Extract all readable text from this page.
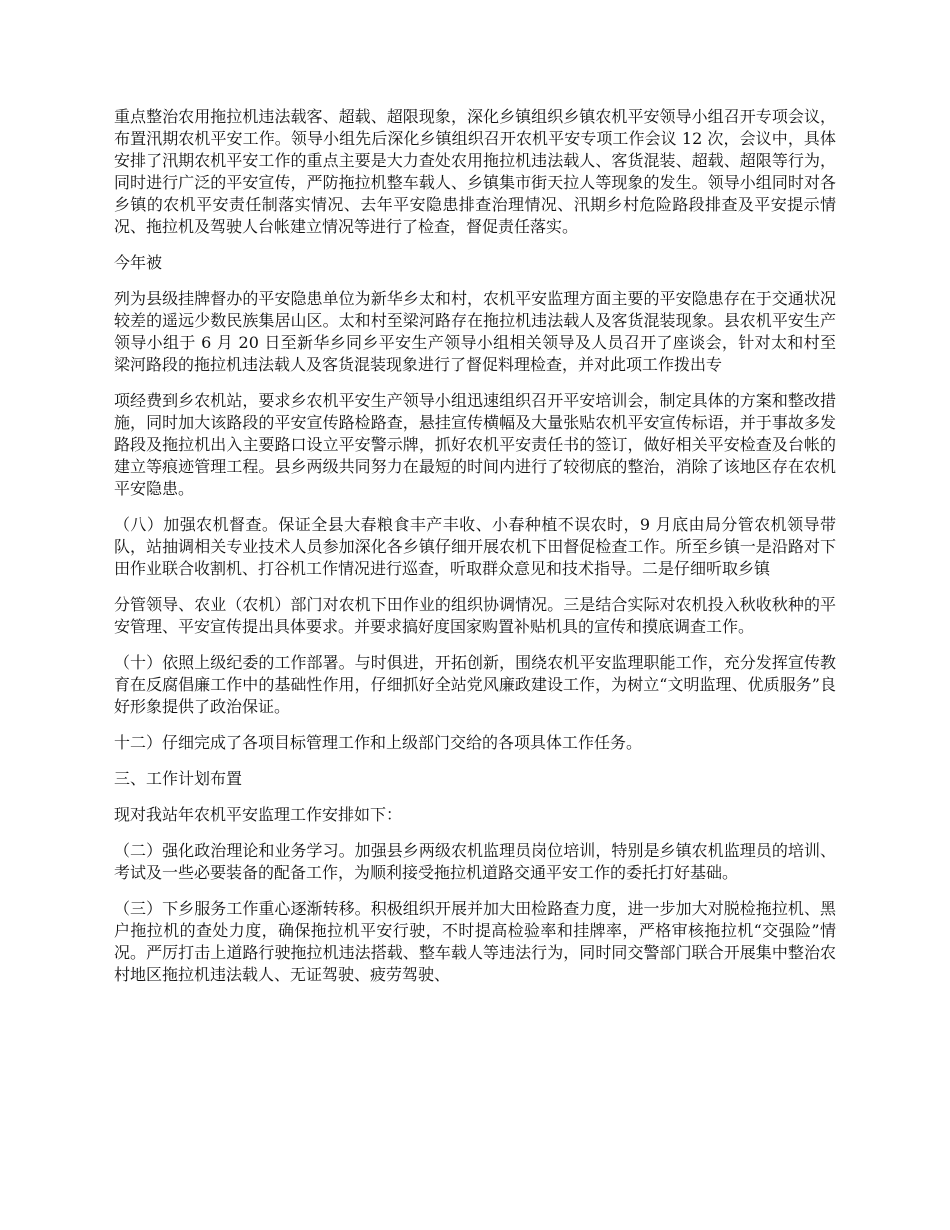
重点整治农用拖拉机违法载客、超载、超限现象，深化乡镇组织乡镇农机平安领导小组召开专项会议，布置汛期农机平安工作。领导小组先后深化乡镇组织召开农机平安专项工作会议 12 次，会议中，具体安排了汛期农机平安工作的重点主要是大力查处农用拖拉机违法载人、客货混装、超载、超限等行为，同时进行广泛的平安宣传，严防拖拉机整车载人、乡镇集市街天拉人等现象的发生。领导小组同时对各乡镇的农机平安责任制落实情况、去年平安隐患排查治理情况、汛期乡村危险路段排查及平安提示情况、拖拉机及驾驶人台帐建立情况等进行了检查，督促责任落实。

今年被

列为县级挂牌督办的平安隐患单位为新华乡太和村，农机平安监理方面主要的平安隐患存在于交通状况较差的遥远少数民族集居山区。太和村至梁河路存在拖拉机违法载人及客货混装现象。县农机平安生产领导小组于 6 月 20 日至新华乡同乡平安生产领导小组相关领导及人员召开了座谈会，针对太和村至梁河路段的拖拉机违法载人及客货混装现象进行了督促料理检查，并对此项工作拨出专

项经费到乡农机站，要求乡农机平安生产领导小组迅速组织召开平安培训会，制定具体的方案和整改措施，同时加大该路段的平安宣传路检路查，悬挂宣传横幅及大量张贴农机平安宣传标语，并于事故多发路段及拖拉机出入主要路口设立平安警示牌，抓好农机平安责任书的签订，做好相关平安检查及台帐的建立等痕迹管理工程。县乡两级共同努力在最短的时间内进行了较彻底的整治，消除了该地区存在农机平安隐患。

（八）加强农机督查。保证全县大春粮食丰产丰收、小春种植不误农时，9 月底由局分管农机领导带队，站抽调相关专业技术人员参加深化各乡镇仔细开展农机下田督促检查工作。所至乡镇一是沿路对下田作业联合收割机、打谷机工作情况进行巡查，听取群众意见和技术指导。二是仔细听取乡镇

分管领导、农业（农机）部门对农机下田作业的组织协调情况。三是结合实际对农机投入秋收秋种的平安管理、平安宣传提出具体要求。并要求搞好度国家购置补贴机具的宣传和摸底调查工作。

（十）依照上级纪委的工作部署。与时俱进，开拓创新，围绕农机平安监理职能工作，充分发挥宣传教育在反腐倡廉工作中的基础性作用，仔细抓好全站党风廉政建设工作，为树立“文明监理、优质服务”良好形象提供了政治保证。

十二）仔细完成了各项目标管理工作和上级部门交给的各项具体工作任务。

三、工作计划布置

现对我站年农机平安监理工作安排如下：

（二）强化政治理论和业务学习。加强县乡两级农机监理员岗位培训，特别是乡镇农机监理员的培训、考试及一些必要装备的配备工作，为顺利接受拖拉机道路交通平安工作的委托打好基础。

（三）下乡服务工作重心逐渐转移。积极组织开展并加大田检路查力度，进一步加大对脱检拖拉机、黑户拖拉机的查处力度，确保拖拉机平安行驶，不时提高检验率和挂牌率，严格审核拖拉机“交强险”情况。严厉打击上道路行驶拖拉机违法搭载、整车载人等违法行为，同时同交警部门联合开展集中整治农村地区拖拉机违法载人、无证驾驶、疲劳驾驶、
